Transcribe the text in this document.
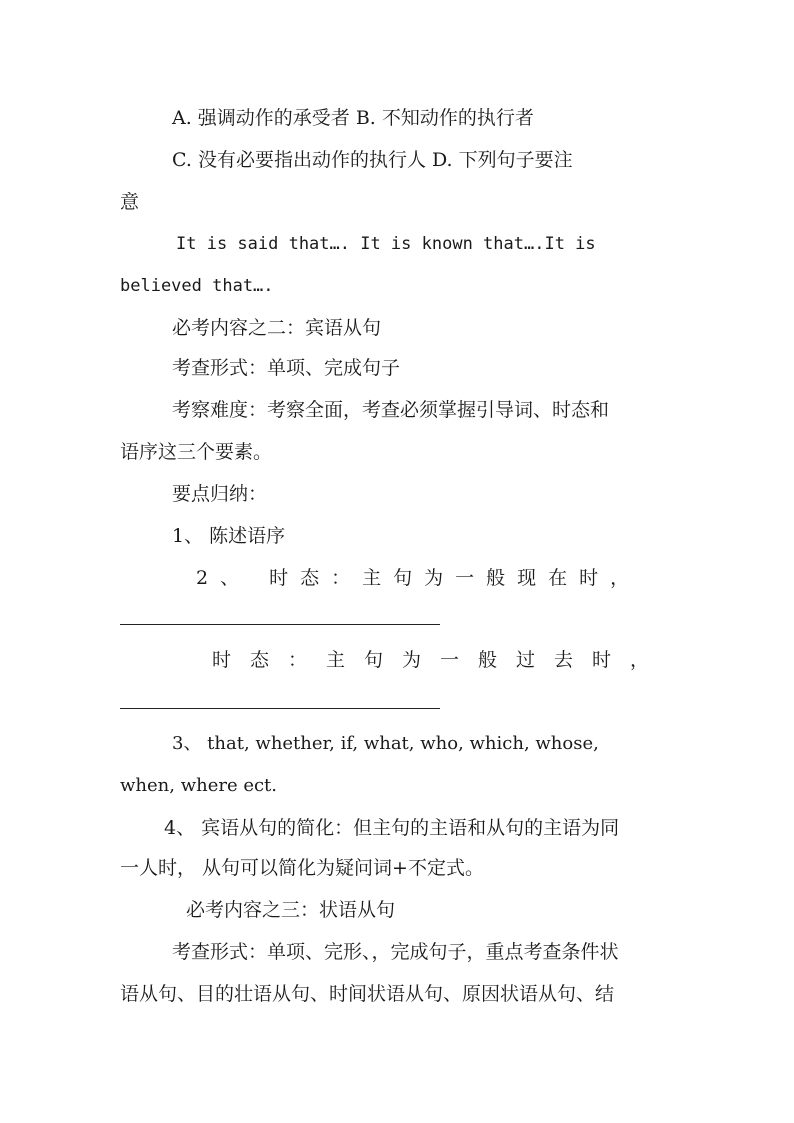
A. 强调动作的承受者 B. 不知动作的执行者
C. 没有必要指出动作的执行人 D. 下列句子要注
意
It is said that…. It is known that….It is
believed that….
必考内容之二：宾语从句
考查形式：单项、完成句子
考察难度：考察全面，考查必须掌握引导词、时态和
语序这三个要素。
要点归纳：
1、 陈述语序
2、 时态：主句为一般现在时，
时态：主句为一般过去时，
3、 that, whether, if, what, who, which, whose,
when, where ect.
4、 宾语从句的简化：但主句的主语和从句的主语为同
一人时， 从句可以简化为疑问词+不定式。
必考内容之三：状语从句
考查形式：单项、完形、，完成句子，重点考查条件状
语从句、目的壮语从句、时间状语从句、原因状语从句、结
